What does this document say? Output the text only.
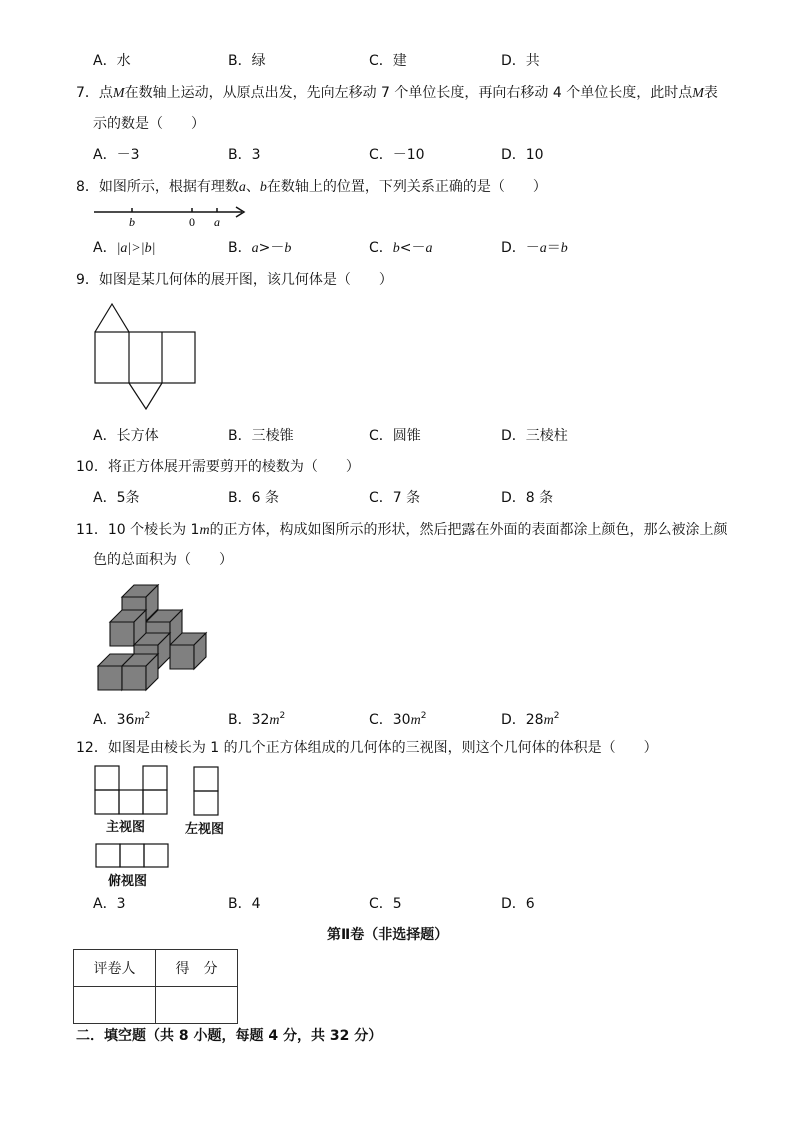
A．水	B．绿	C．建	D．共
7．点M在数轴上运动，从原点出发，先向左移动 7 个单位长度，再向右移动 4 个单位长度，此时点M表
示的数是（　　）
A．－3	B．3	C．－10	D．10
8．如图所示，根据有理数a、b在数轴上的位置，下列关系正确的是（　　）
b	0 a
A．|a|>|b|	B．a>－b	C．b<－a	D．－a＝b
9．如图是某几何体的展开图，该几何体是（　　）
A．长方体	B．三棱锥	C．圆锥	D．三棱柱
10．将正方体展开需要剪开的棱数为（　　）
A．5条	B．6 条	C．7 条	D．8 条
11．10 个棱长为 1m的正方体，构成如图所示的形状，然后把露在外面的表面都涂上颜色，那么被涂上颜
色的总面积为（　　）
A．$36m^2$	B．$32m^2$	C．$30m^2$	D．$28m^2$
12．如图是由棱长为 1 的几个正方体组成的几何体的三视图，则这个几何体的体积是（　　）
主视图	左视图
俯视图
A．3	B．4	C．5	D．6
第Ⅱ卷（非选择题）
评卷人	得　分

二．填空题（共 8 小题，每题 4 分，共 32 分）
